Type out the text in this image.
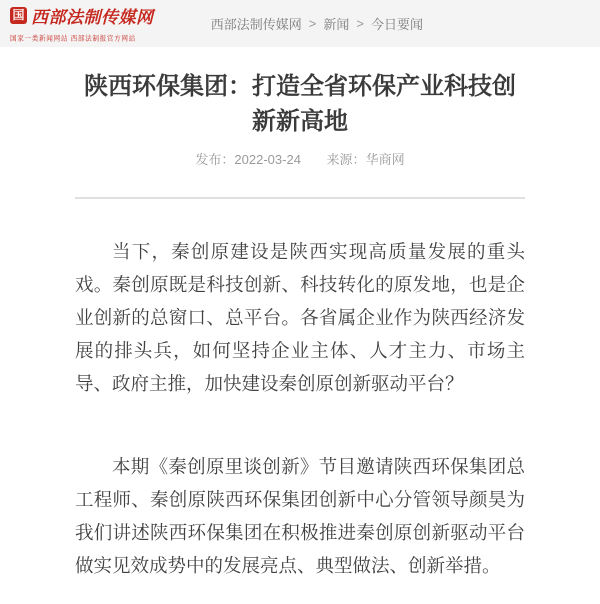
国 西部法制传媒网
国家一类新闻网站 西部法制报官方网站
西部法制传媒网 > 新闻 > 今日要闻
陕西环保集团：打造全省环保产业科技创新新高地
发布：2022-03-24 来源：华商网

当下，秦创原建设是陕西实现高质量发展的重头戏。秦创原既是科技创新、科技转化的原发地，也是企业创新的总窗口、总平台。各省属企业作为陕西经济发展的排头兵，如何坚持企业主体、人才主力、市场主导、政府主推，加快建设秦创原创新驱动平台？

本期《秦创原里谈创新》节目邀请陕西环保集团总工程师、秦创原陕西环保集团创新中心分管领导颜昊为我们讲述陕西环保集团在积极推进秦创原创新驱动平台做实见效成势中的发展亮点、典型做法、创新举措。
